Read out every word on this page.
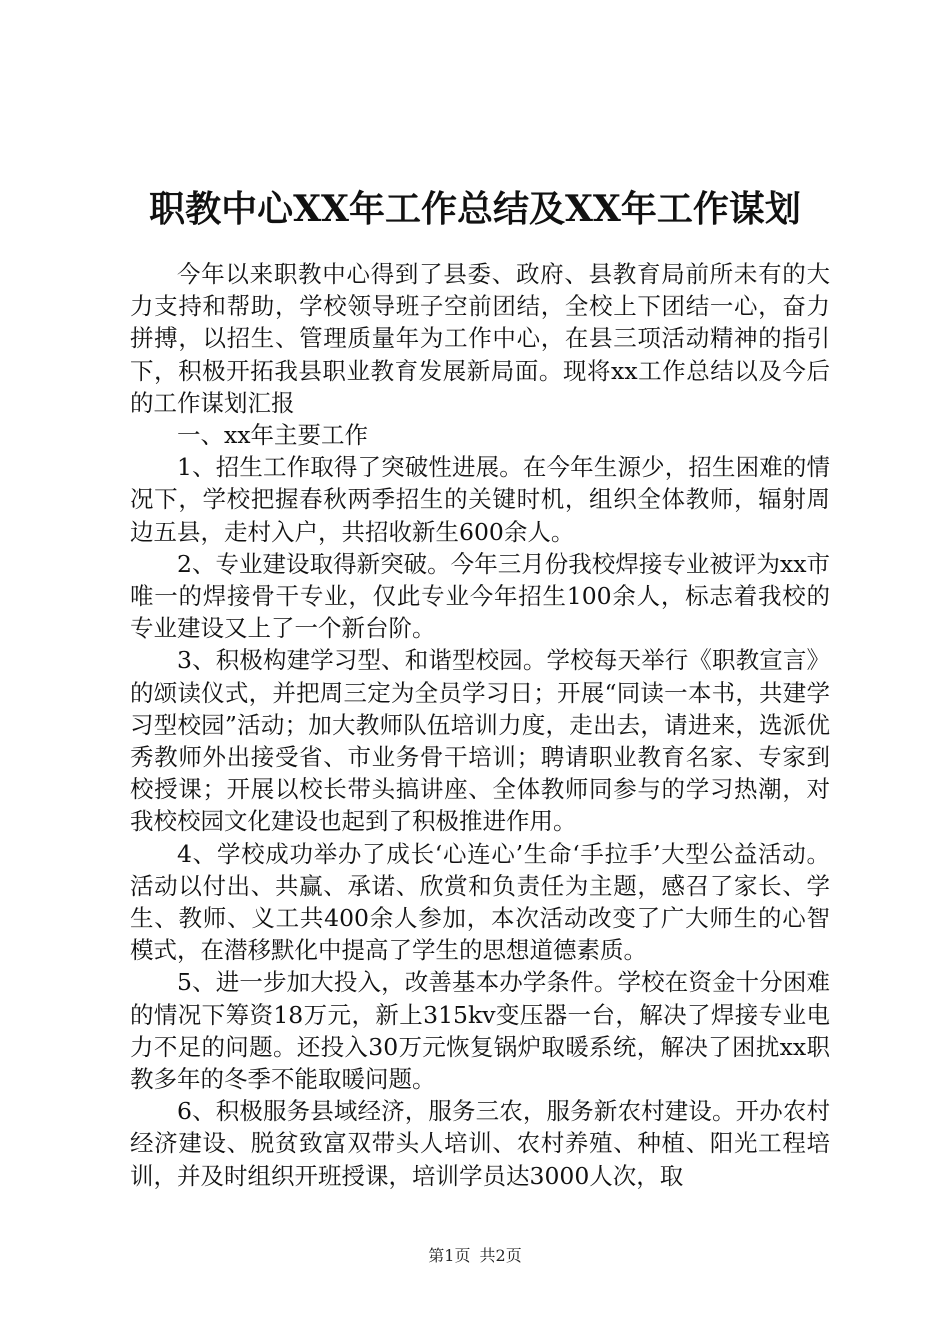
职教中心XX年工作总结及XX年工作谋划

今年以来职教中心得到了县委、政府、县教育局前所未有的大力支持和帮助，学校领导班子空前团结，全校上下团结一心，奋力拼搏，以招生、管理质量年为工作中心，在县三项活动精神的指引下，积极开拓我县职业教育发展新局面。现将xx工作总结以及今后的工作谋划汇报

一、xx年主要工作

1、招生工作取得了突破性进展。在今年生源少，招生困难的情况下，学校把握春秋两季招生的关键时机，组织全体教师，辐射周边五县，走村入户，共招收新生600余人。

2、专业建设取得新突破。今年三月份我校焊接专业被评为xx市唯一的焊接骨干专业，仅此专业今年招生100余人，标志着我校的专业建设又上了一个新台阶。

3、积极构建学习型、和谐型校园。学校每天举行《职教宣言》的颂读仪式，并把周三定为全员学习日；开展“同读一本书，共建学习型校园”活动；加大教师队伍培训力度，走出去，请进来，选派优秀教师外出接受省、市业务骨干培训；聘请职业教育名家、专家到校授课；开展以校长带头搞讲座、全体教师同参与的学习热潮，对我校校园文化建设也起到了积极推进作用。

4、学校成功举办了成长‘心连心’生命‘手拉手’大型公益活动。活动以付出、共赢、承诺、欣赏和负责任为主题，感召了家长、学生、教师、义工共400余人参加，本次活动改变了广大师生的心智模式，在潜移默化中提高了学生的思想道德素质。

5、进一步加大投入，改善基本办学条件。学校在资金十分困难的情况下筹资18万元，新上315kv变压器一台，解决了焊接专业电力不足的问题。还投入30万元恢复锅炉取暖系统，解决了困扰xx职教多年的冬季不能取暖问题。

6、积极服务县域经济，服务三农，服务新农村建设。开办农村经济建设、脱贫致富双带头人培训、农村养殖、种植、阳光工程培训，并及时组织开班授课，培训学员达3000人次，取

第1页 共2页
